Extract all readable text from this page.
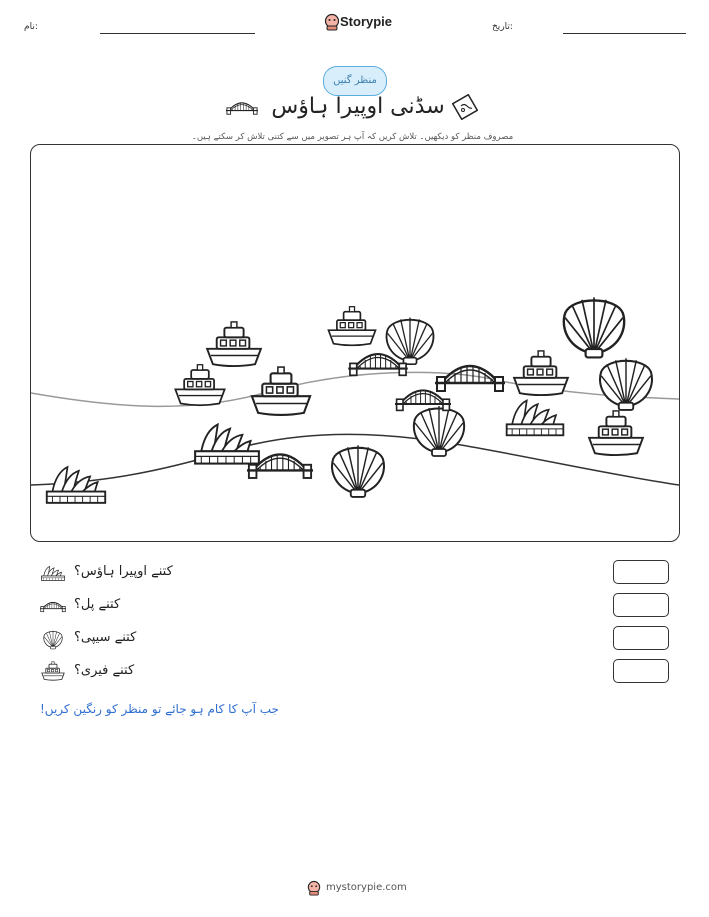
نام:	Storypie	تاریخ:
منظر گنیں
سڈنی اوپیرا ہاؤس
مصروف منظر کو دیکھیں۔ تلاش کریں کہ آپ ہر تصویر میں سے کتنی تلاش کر سکتے ہیں۔
کتنے اوپیرا ہاؤس؟
کتنے پل؟
کتنے سیپی؟
کتنے فیری؟
جب آپ کا کام ہو جائے تو منظر کو رنگین کریں!
mystorypie.com
